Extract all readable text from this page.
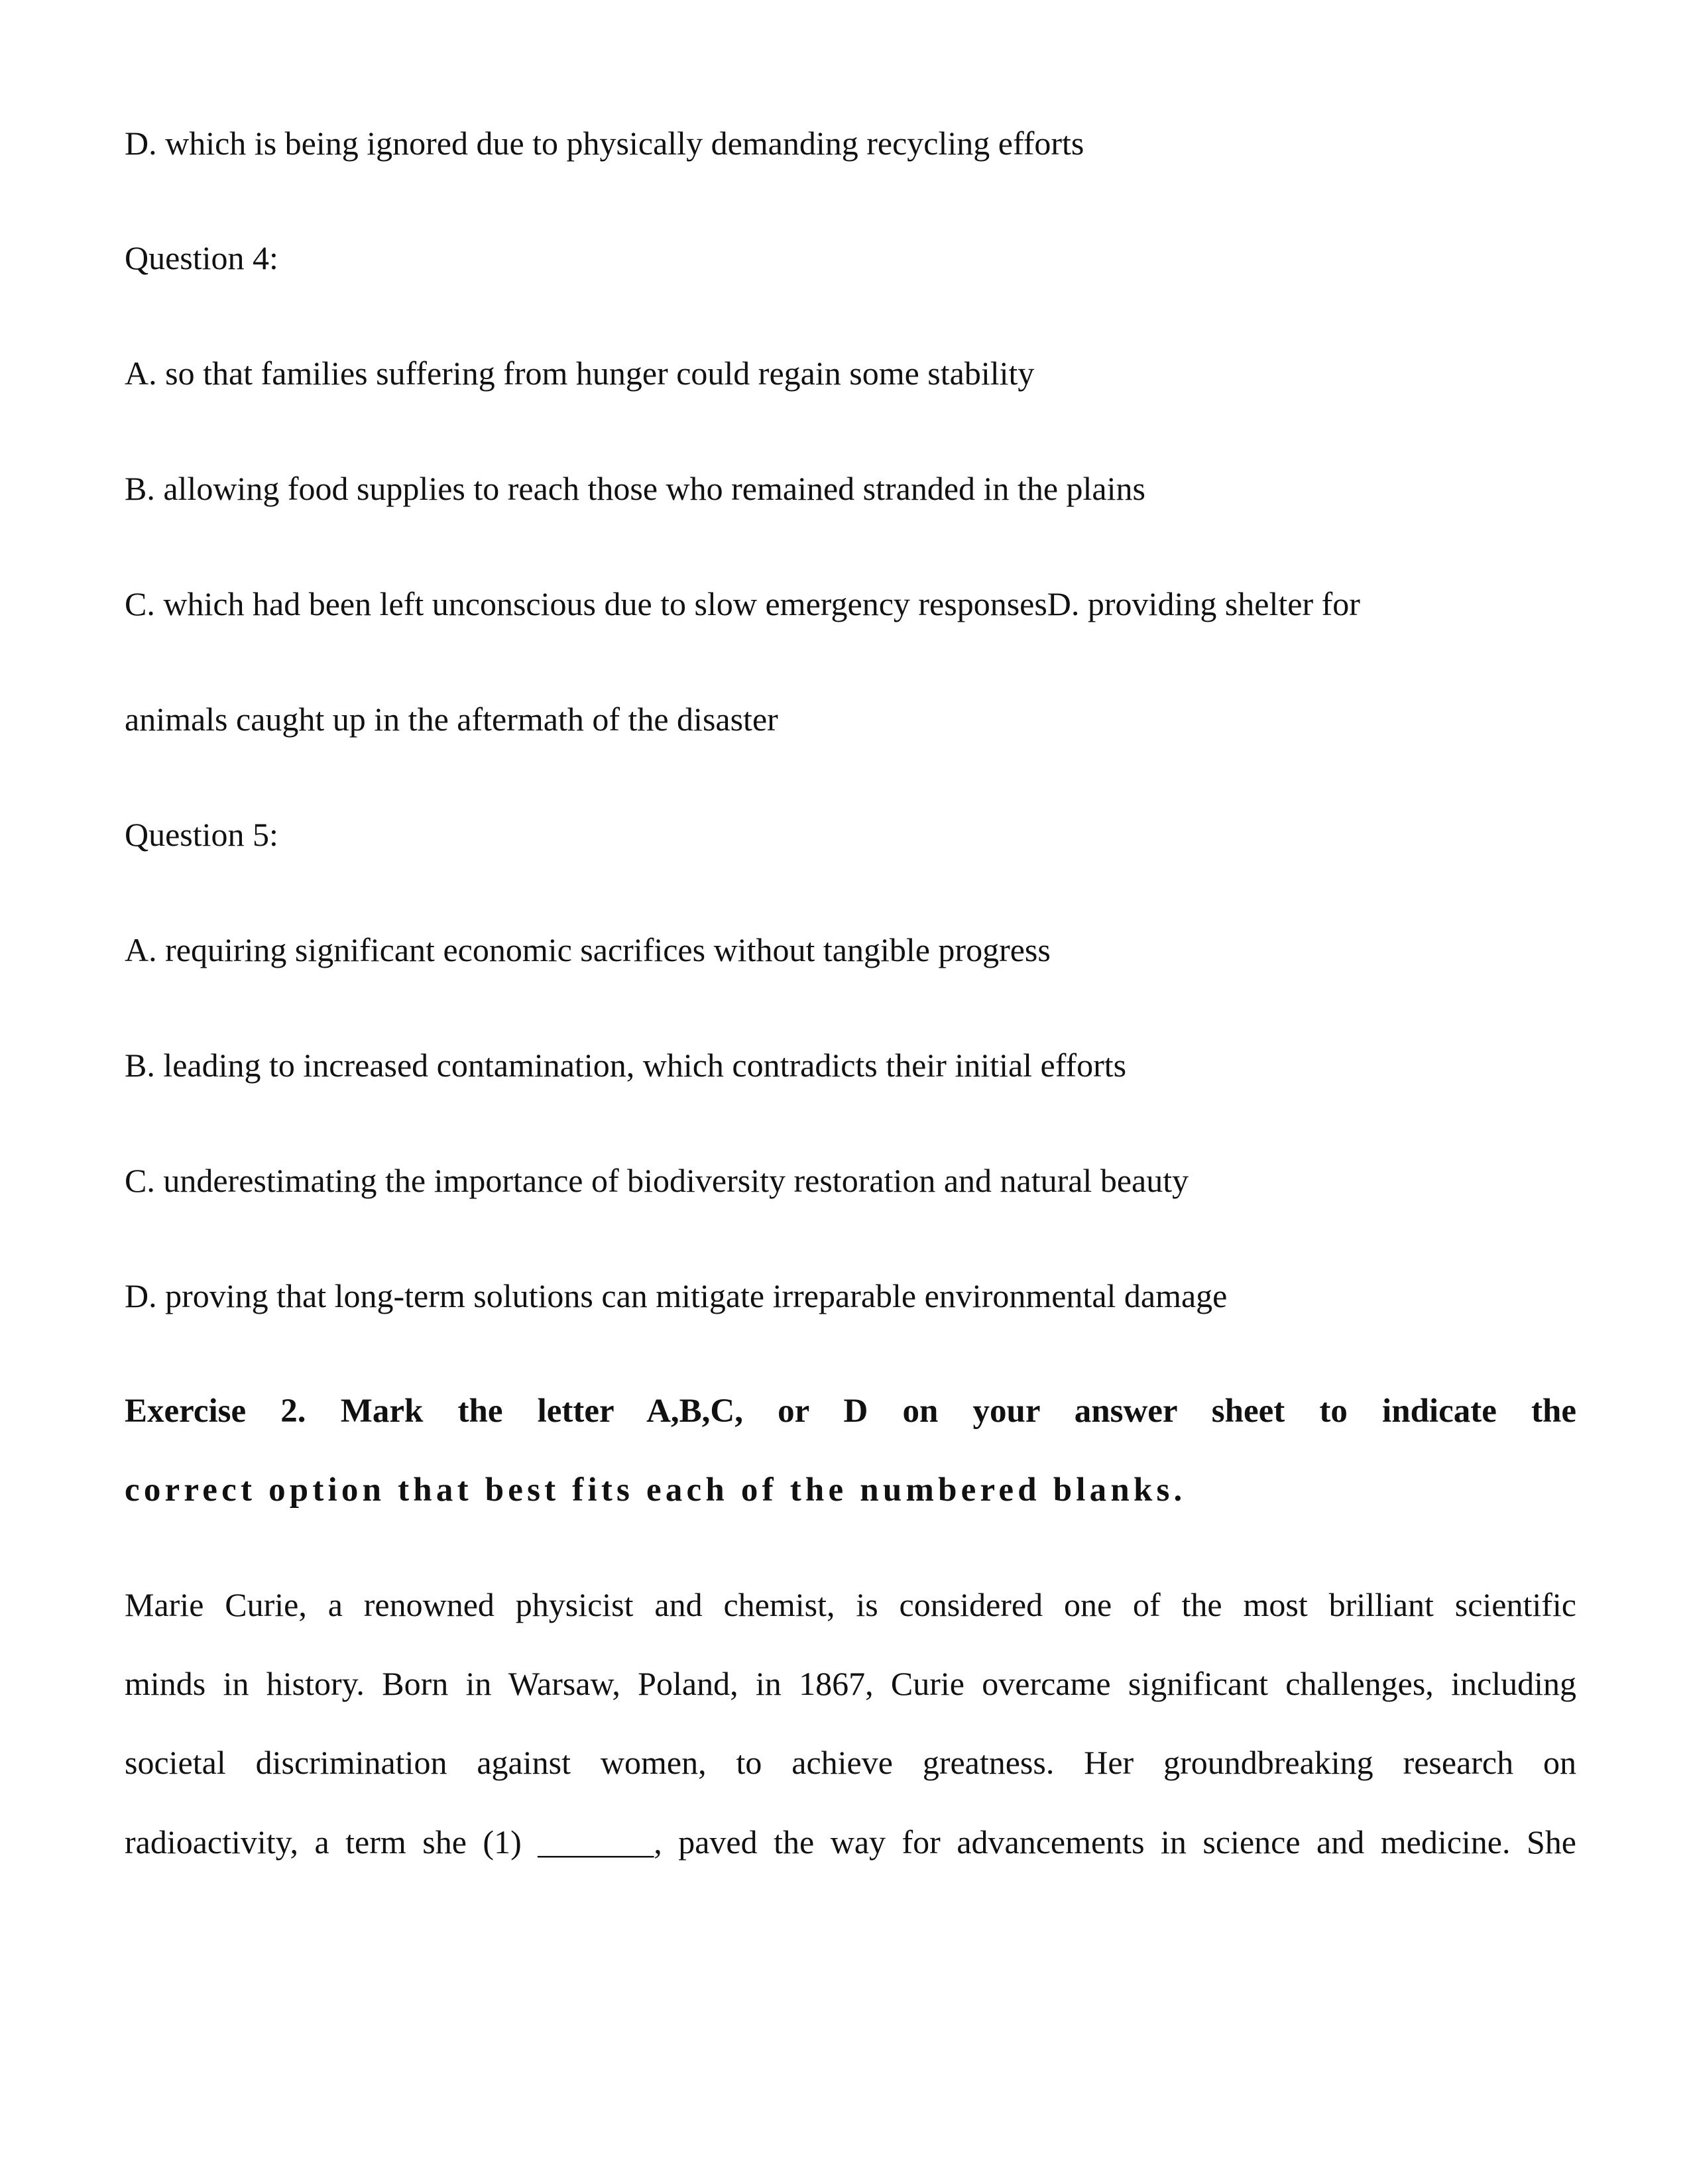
D. which is being ignored due to physically demanding recycling efforts
Question 4:
A. so that families suffering from hunger could regain some stability
B. allowing food supplies to reach those who remained stranded in the plains
C. which had been left unconscious due to slow emergency responsesD. providing shelter for
animals caught up in the aftermath of the disaster
Question 5:
A. requiring significant economic sacrifices without tangible progress
B. leading to increased contamination, which contradicts their initial efforts
C. underestimating the importance of biodiversity restoration and natural beauty
D. proving that long-term solutions can mitigate irreparable environmental damage
Exercise 2. Mark the letter A,B,C, or D on your answer sheet to indicate the
correct option that best fits each of the numbered blanks.
Marie Curie, a renowned physicist and chemist, is considered one of the most brilliant scientific
minds in history. Born in Warsaw, Poland, in 1867, Curie overcame significant challenges, including
societal discrimination against women, to achieve greatness. Her groundbreaking research on
radioactivity, a term she (1) _______, paved the way for advancements in science and medicine. She
